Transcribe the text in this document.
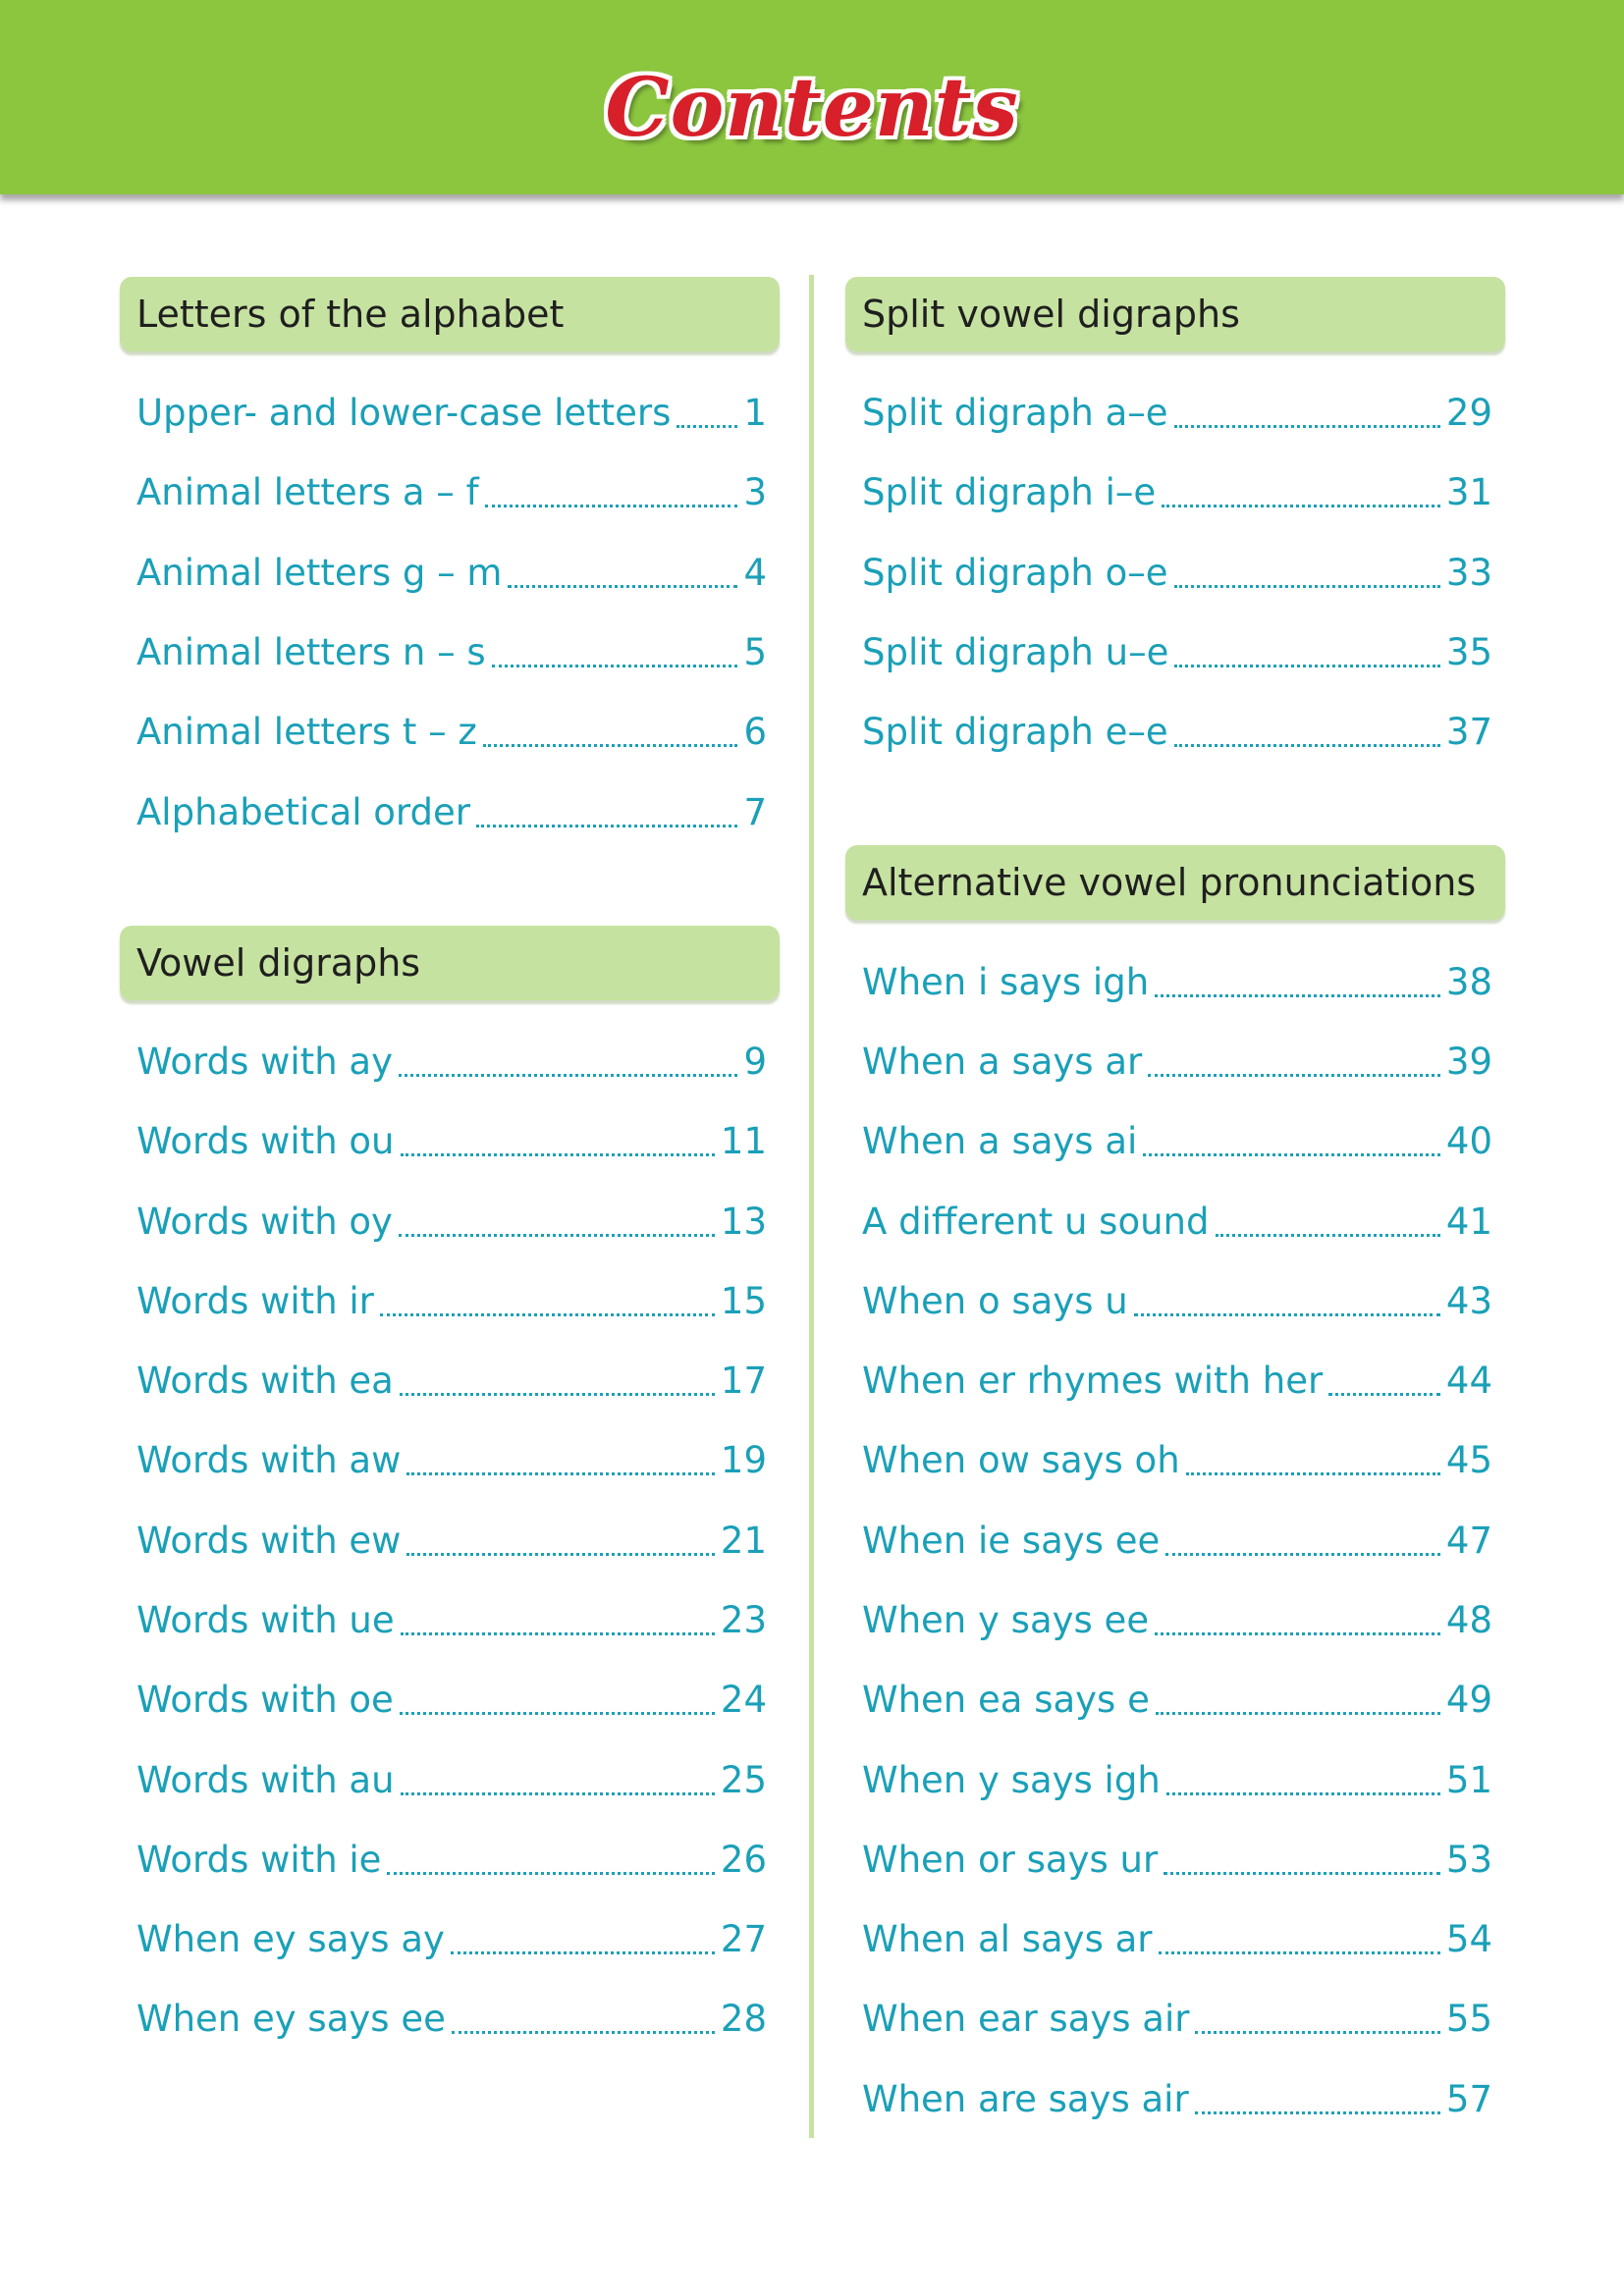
Contents
Letters of the alphabet
Upper- and lower-case letters 1
Animal letters a – f	3
Animal letters g – m	4
Animal letters n – s	5
Animal letters t – z	6
Alphabetical order	7
Vowel digraphs
Words with ay	9
Words with ou	11
Words with oy	13
Words with ir	15
Words with ea	17
Words with aw	19
Words with ew	21
Words with ue	23
Words with oe	24
Words with au	25
Words with ie	26
When ey says ay	27
When ey says ee	28
Split vowel digraphs
Split digraph a–e	29
Split digraph i–e	31
Split digraph o–e	33
Split digraph u–e	35
Split digraph e–e	37
Alternative vowel pronunciations
When i says igh	38
When a says ar	39
When a says ai	40
A different u sound	41
When o says u	43
When er rhymes with her	44
When ow says oh	45
When ie says ee	47
When y says ee	48
When ea says e	49
When y says igh	51
When or says ur	53
When al says ar	54
When ear says air	55
When are says air	57
